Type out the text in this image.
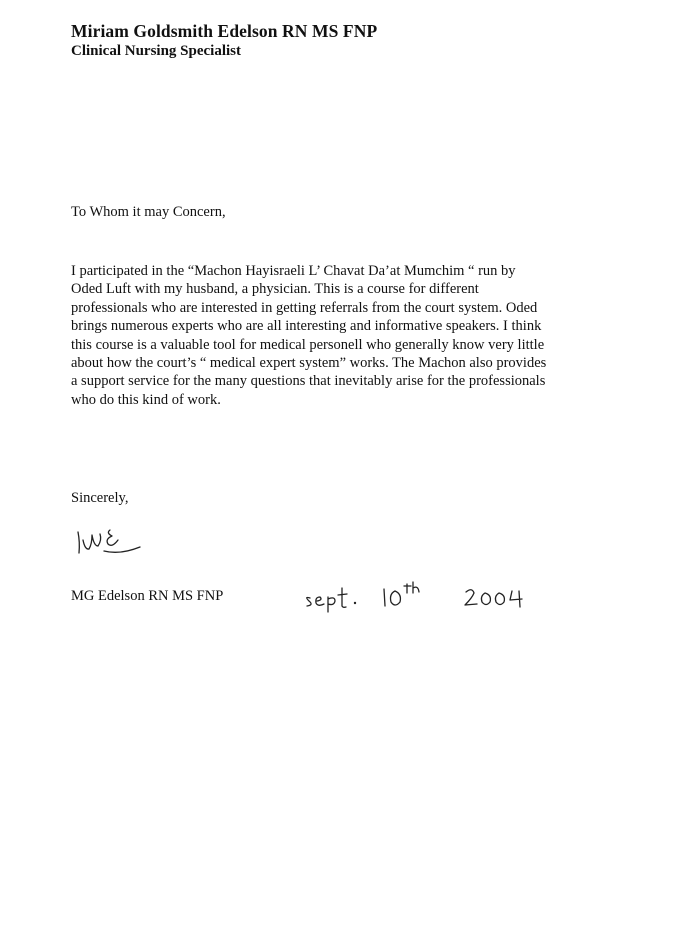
Miriam Goldsmith Edelson RN MS FNP
Clinical Nursing Specialist
To Whom it may Concern,
I participated in the “Machon Hayisraeli L’ Chavat Da’at Mumchim “ run by
Oded Luft with my husband, a physician. This is a course for different
professionals who are interested in getting referrals from the court system. Oded
brings numerous experts who are all interesting and informative speakers. I think
this course is a valuable tool for medical personell who generally know very little
about how the court’s “ medical expert system” works. The Machon also provides
a support service for the many questions that inevitably arise for the professionals
who do this kind of work.
Sincerely,
MG Edelson RN MS FNP
